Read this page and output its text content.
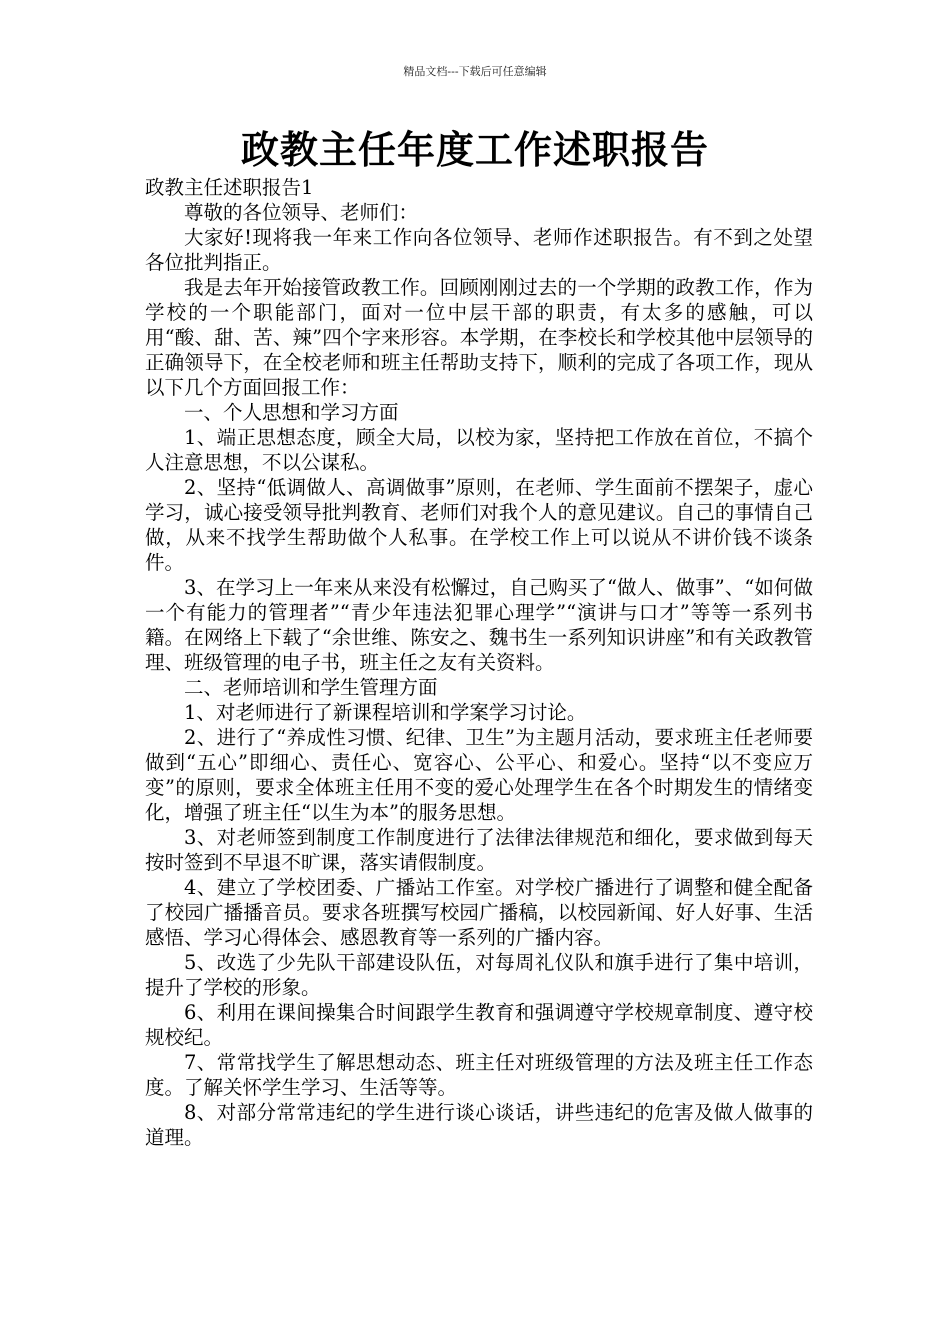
精品文档---下载后可任意编辑
政教主任年度工作述职报告

政教主任述职报告1

尊敬的各位领导、老师们：

大家好!现将我一年来工作向各位领导、老师作述职报告。有不到之处望各位批判指正。

我是去年开始接管政教工作。回顾刚刚过去的一个学期的政教工作，作为学校的一个职能部门，面对一位中层干部的职责，有太多的感触，可以用“酸、甜、苦、辣”四个字来形容。本学期，在李校长和学校其他中层领导的正确领导下，在全校老师和班主任帮助支持下，顺利的完成了各项工作，现从以下几个方面回报工作：

一、个人思想和学习方面

1、端正思想态度，顾全大局，以校为家，坚持把工作放在首位，不搞个人注意思想，不以公谋私。

2、坚持“低调做人、高调做事”原则，在老师、学生面前不摆架子，虚心学习，诚心接受领导批判教育、老师们对我个人的意见建议。自己的事情自己做，从来不找学生帮助做个人私事。在学校工作上可以说从不讲价钱不谈条件。

3、在学习上一年来从来没有松懈过，自己购买了“做人、做事”、“如何做一个有能力的管理者”“青少年违法犯罪心理学”“演讲与口才”等等一系列书籍。在网络上下载了“余世维、陈安之、魏书生一系列知识讲座”和有关政教管理、班级管理的电子书，班主任之友有关资料。

二、老师培训和学生管理方面

1、对老师进行了新课程培训和学案学习讨论。

2、进行了“养成性习惯、纪律、卫生”为主题月活动，要求班主任老师要做到“五心”即细心、责任心、宽容心、公平心、和爱心。坚持“以不变应万变”的原则，要求全体班主任用不变的爱心处理学生在各个时期发生的情绪变化，增强了班主任“以生为本”的服务思想。

3、对老师签到制度工作制度进行了法律法律规范和细化，要求做到每天按时签到不早退不旷课，落实请假制度。

4、建立了学校团委、广播站工作室。对学校广播进行了调整和健全配备了校园广播播音员。要求各班撰写校园广播稿，以校园新闻、好人好事、生活感悟、学习心得体会、感恩教育等一系列的广播内容。

5、改选了少先队干部建设队伍，对每周礼仪队和旗手进行了集中培训，提升了学校的形象。

6、利用在课间操集合时间跟学生教育和强调遵守学校规章制度、遵守校规校纪。

7、常常找学生了解思想动态、班主任对班级管理的方法及班主任工作态度。了解关怀学生学习、生活等等。

8、对部分常常违纪的学生进行谈心谈话，讲些违纪的危害及做人做事的道理。
